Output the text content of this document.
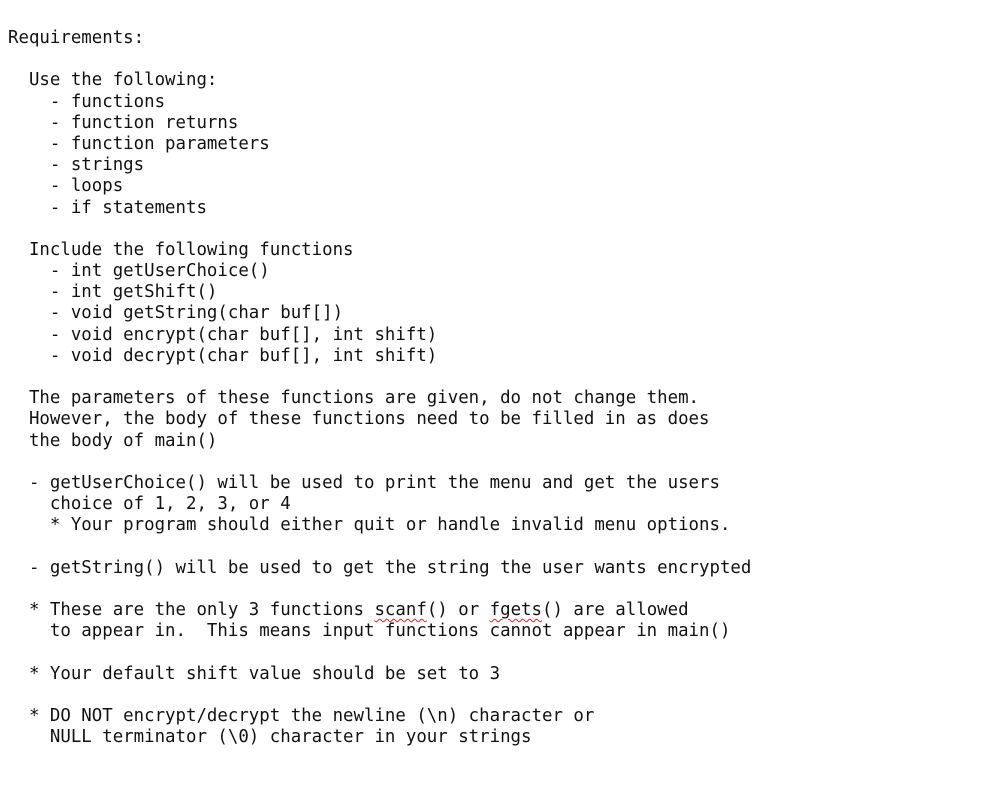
Requirements:
Use the following:
- functions
- function returns
- function parameters
- strings
- loops
- if statements
Include the following functions
- int getUserChoice()
- int getShift()
- void getString(char buf[])
- void encrypt(char buf[], int shift)
- void decrypt(char buf[], int shift)
The parameters of these functions are given, do not change them.
However, the body of these functions need to be filled in as does
the body of main()
- getUserChoice() will be used to print the menu and get the users
choice of 1, 2, 3, or 4
* Your program should either quit or handle invalid menu options.
- getString() will be used to get the string the user wants encrypted
* These are the only 3 functions scanf() or fgets() are allowed
to appear in.  This means input functions cannot appear in main()
* Your default shift value should be set to 3
* DO NOT encrypt/decrypt the newline (\n) character or
NULL terminator (\0) character in your strings
